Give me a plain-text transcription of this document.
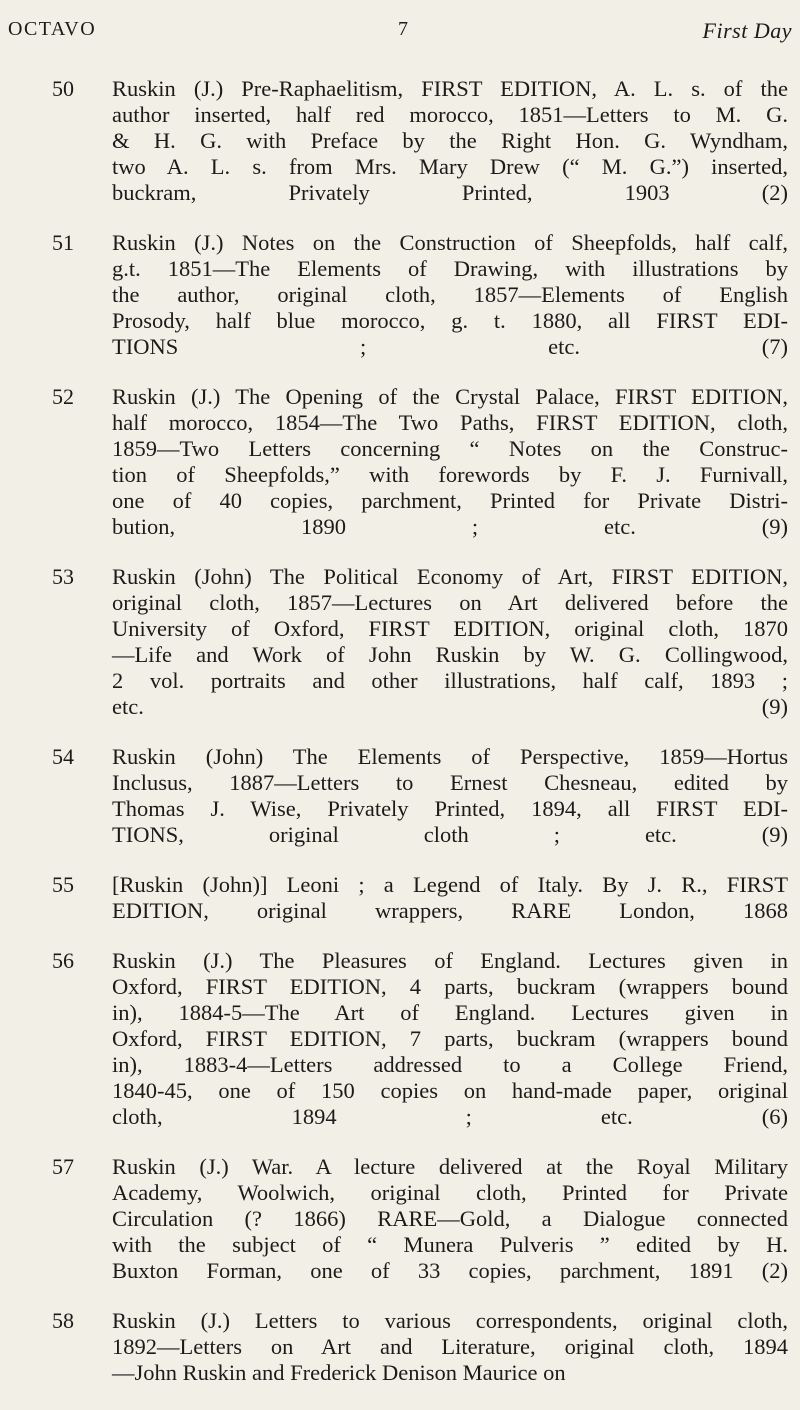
OCTAVO	7	First Day
50 Ruskin (J.) Pre-Raphaelitism, FIRST EDITION, A. L. s. of the

author inserted, half red morocco, 1851—Letters to M. G.

& H. G. with Preface by the Right Hon. G. Wyndham,

two A. L. s. from Mrs. Mary Drew (“ M. G.”) inserted,

buckram, Privately Printed, 1903 (2)

51 Ruskin (J.) Notes on the Construction of Sheepfolds, half calf,

g.t. 1851—The Elements of Drawing, with illustrations by

the author, original cloth, 1857—Elements of English

Prosody, half blue morocco, g. t. 1880, all FIRST EDI-

TIONS ; etc. (7)

52 Ruskin (J.) The Opening of the Crystal Palace, FIRST EDITION,

half morocco, 1854—The Two Paths, FIRST EDITION, cloth,

1859—Two Letters concerning “ Notes on the Construc-

tion of Sheepfolds,” with forewords by F. J. Furnivall,

one of 40 copies, parchment, Printed for Private Distri-

bution, 1890 ; etc. (9)

53 Ruskin (John) The Political Economy of Art, FIRST EDITION,

original cloth, 1857—Lectures on Art delivered before the

University of Oxford, FIRST EDITION, original cloth, 1870

—Life and Work of John Ruskin by W. G. Collingwood,

2 vol. portraits and other illustrations, half calf, 1893 ;

etc. (9)

54 Ruskin (John) The Elements of Perspective, 1859—Hortus

Inclusus, 1887—Letters to Ernest Chesneau, edited by

Thomas J. Wise, Privately Printed, 1894, all FIRST EDI-

TIONS, original cloth ; etc. (9)

55 [Ruskin (John)] Leoni ; a Legend of Italy. By J. R., FIRST

EDITION, original wrappers, RARE London, 1868

56 Ruskin (J.) The Pleasures of England. Lectures given in

Oxford, FIRST EDITION, 4 parts, buckram (wrappers bound

in), 1884-5—The Art of England. Lectures given in

Oxford, FIRST EDITION, 7 parts, buckram (wrappers bound

in), 1883-4—Letters addressed to a College Friend,

1840-45, one of 150 copies on hand-made paper, original

cloth, 1894 ; etc. (6)

57 Ruskin (J.) War. A lecture delivered at the Royal Military

Academy, Woolwich, original cloth, Printed for Private

Circulation (? 1866) RARE—Gold, a Dialogue connected

with the subject of “ Munera Pulveris ” edited by H.

Buxton Forman, one of 33 copies, parchment, 1891 (2)

58 Ruskin (J.) Letters to various correspondents, original cloth,

1892—Letters on Art and Literature, original cloth, 1894

—John Ruskin and Frederick Denison Maurice on
